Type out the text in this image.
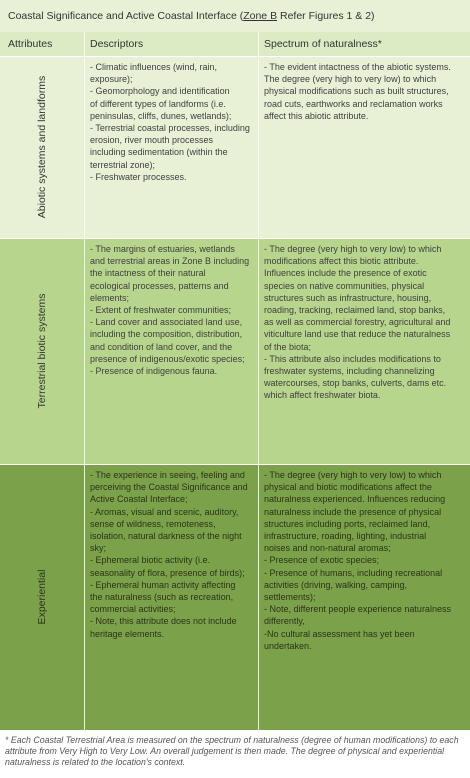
Coastal Significance and Active Coastal Interface (Zone B Refer Figures 1 & 2)
Attributes	Descriptors	Spectrum of naturalness*
Abiotic systems and landforms

- Climatic influences (wind, rain,
exposure);
- Geomorphology and identification
of different types of landforms (i.e.
peninsulas, cliffs, dunes, wetlands);
- Terrestrial coastal processes, including
erosion, river mouth processes
including sedimentation (within the
terrestrial zone);
- Freshwater processes.

- The evident intactness of the abiotic systems.
The degree (very high to very low) to which
physical modifications such as built structures,
road cuts, earthworks and reclamation works
affect this abiotic attribute.

Terrestrial biotic systems

- The margins of estuaries, wetlands
and terrestrial areas in Zone B including
the intactness of their natural
ecological processes, patterns and
elements;
- Extent of freshwater communities;
- Land cover and associated land use,
including the composition, distribution,
and condition of land cover, and the
presence of indigenous/exotic species;
- Presence of indigenous fauna.

- The degree (very high to very low) to which
modifications affect this biotic attribute.
Influences include the presence of exotic
species on native communities, physical
structures such as infrastructure, housing,
roading, tracking, reclaimed land, stop banks,
as well as commercial forestry, agricultural and
viticulture land use that reduce the naturalness
of the biota;
- This attribute also includes modifications to
freshwater systems, including channelizing
watercourses, stop banks, culverts, dams etc.
which affect freshwater biota.

Experiential

- The experience in seeing, feeling and
perceiving the Coastal Significance and
Active Coastal Interface;
- Aromas, visual and scenic, auditory,
sense of wildness, remoteness,
isolation, natural darkness of the night
sky;
- Ephemeral biotic activity (i.e.
seasonality of flora, presence of birds);
- Ephemeral human activity affecting
the naturalness (such as recreation,
commercial activities;
- Note, this attribute does not include
heritage elements.

- The degree (very high to very low) to which
physical and biotic modifications affect the
naturalness experienced. Influences reducing
naturalness include the presence of physical
structures including ports, reclaimed land,
infrastructure, roading, lighting, industrial
noises and non-natural aromas;
- Presence of exotic species;
- Presence of humans, including recreational
activities (driving, walking, camping,
settlements);
- Note, different people experience naturalness
differently,
-No cultural assessment has yet been
undertaken.

* Each Coastal Terrestrial Area is measured on the spectrum of naturalness (degree of human modifications) to each attribute from Very High to Very Low. An overall judgement is then made. The degree of physical and experiential naturalness is related to the location's context.
